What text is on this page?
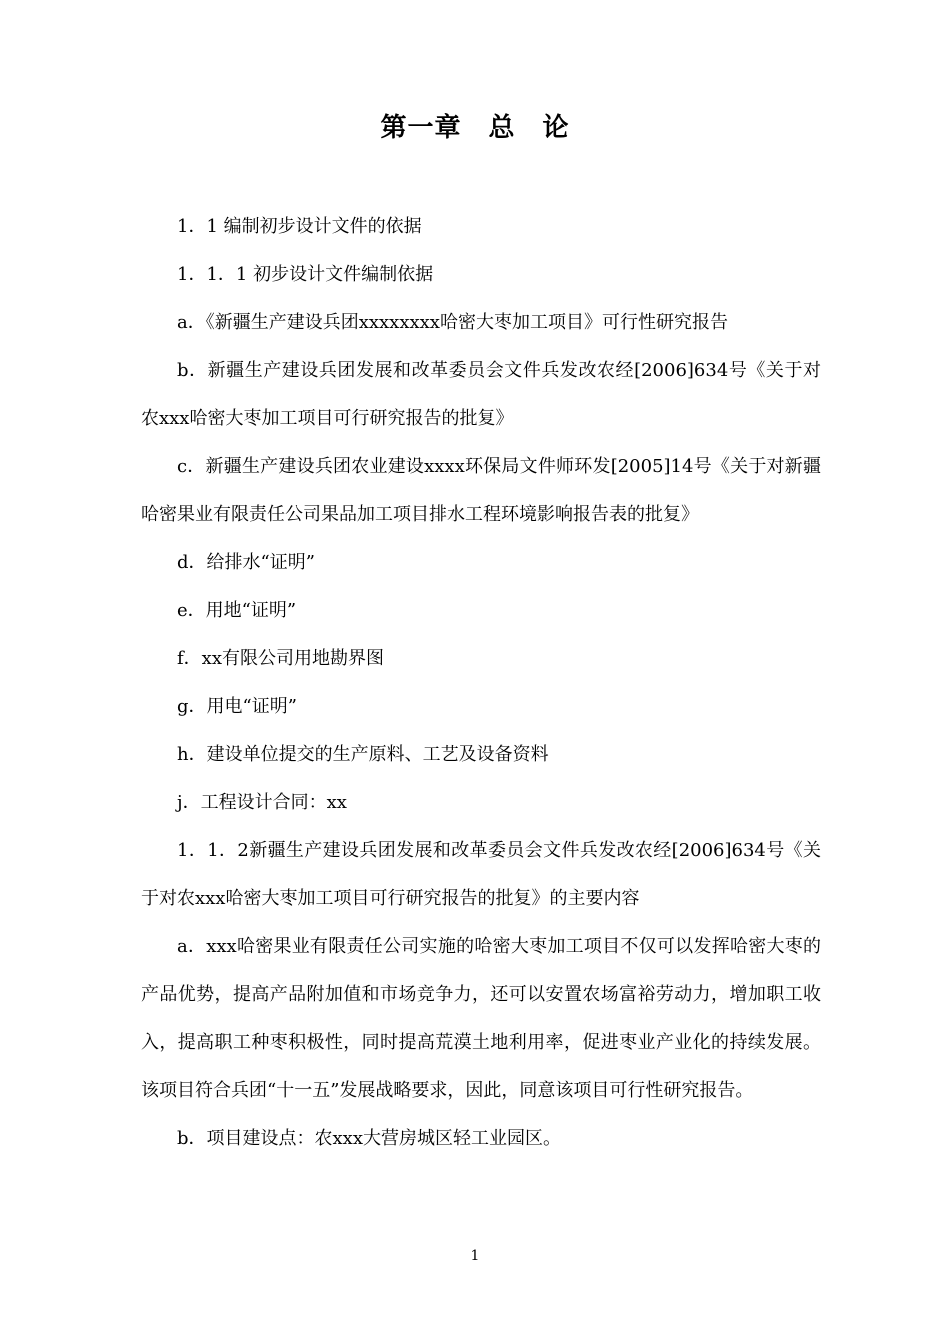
第一章　总　论

1．1 编制初步设计文件的依据

1．1．1 初步设计文件编制依据

a．《新疆生产建设兵团xxxxxxxx哈密大枣加工项目》可行性研究报告

b．新疆生产建设兵团发展和改革委员会文件兵发改农经[2006]634号《关于对农xxx哈密大枣加工项目可行研究报告的批复》

c．新疆生产建设兵团农业建设xxxx环保局文件师环发[2005]14号《关于对新疆哈密果业有限责任公司果品加工项目排水工程环境影响报告表的批复》

d．给排水“证明”

e．用地“证明”

f．xx有限公司用地勘界图

g．用电“证明”

h．建设单位提交的生产原料、工艺及设备资料

j．工程设计合同：xx

1．1．2新疆生产建设兵团发展和改革委员会文件兵发改农经[2006]634号《关于对农xxx哈密大枣加工项目可行研究报告的批复》的主要内容

a．xxx哈密果业有限责任公司实施的哈密大枣加工项目不仅可以发挥哈密大枣的产品优势，提高产品附加值和市场竞争力，还可以安置农场富裕劳动力，增加职工收入，提高职工种枣积极性，同时提高荒漠土地利用率，促进枣业产业化的持续发展。该项目符合兵团“十一五”发展战略要求，因此，同意该项目可行性研究报告。

b．项目建设点：农xxx大营房城区轻工业园区。

1
